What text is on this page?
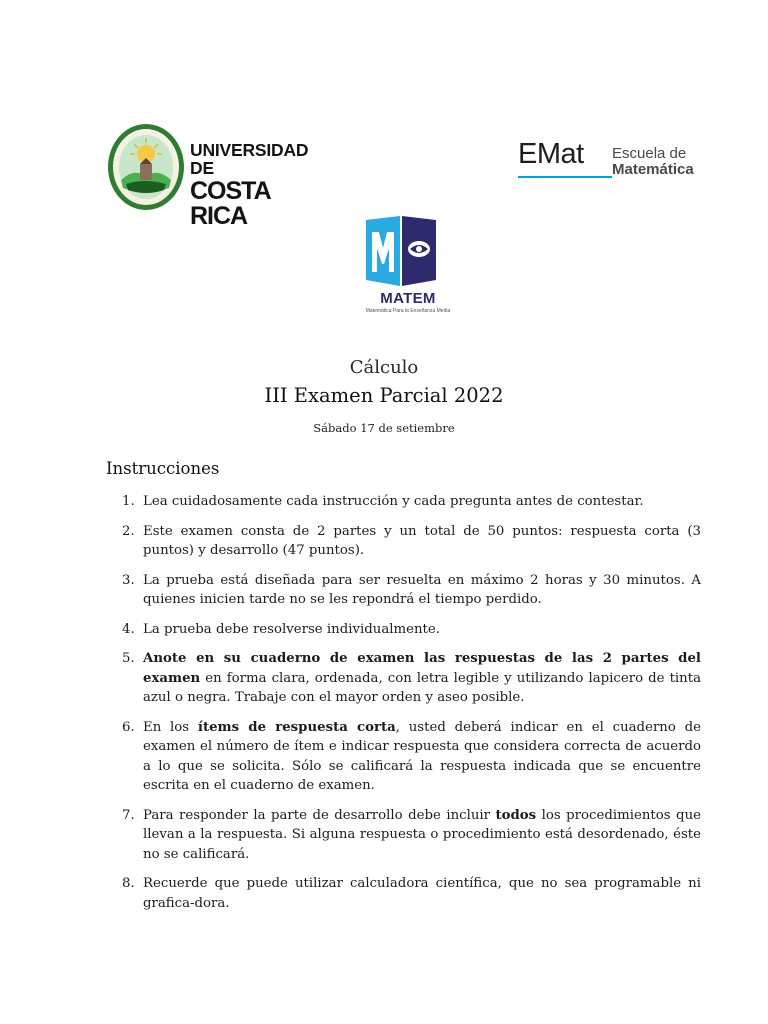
UNIVERSIDAD DE
COSTA RICA
EMat Escuela de
Matemática
MATEM
Matemática Para la Enseñanza Media
Cálculo
III Examen Parcial 2022
Sábado 17 de setiembre
Instrucciones
1. Lea cuidadosamente cada instrucción y cada pregunta antes de contestar.
2. Este examen consta de 2 partes y un total de 50 puntos: respuesta corta (3 puntos) y desarrollo (47 puntos).
3. La prueba está diseñada para ser resuelta en máximo 2 horas y 30 minutos. A quienes inicien tarde no se les repondrá el tiempo perdido.
4. La prueba debe resolverse individualmente.
5. Anote en su cuaderno de examen las respuestas de las 2 partes del examen en forma clara, ordenada, con letra legible y utilizando lapicero de tinta azul o negra. Trabaje con el mayor orden y aseo posible.
6. En los ítems de respuesta corta, usted deberá indicar en el cuaderno de examen el número de ítem e indicar respuesta que considera correcta de acuerdo a lo que se solicita. Sólo se calificará la respuesta indicada que se encuentre escrita en el cuaderno de examen.
7. Para responder la parte de desarrollo debe incluir todos los procedimientos que llevan a la respuesta. Si alguna respuesta o procedimiento está desordenado, éste no se calificará.
8. Recuerde que puede utilizar calculadora científica, que no sea programable ni grafica-dora.
